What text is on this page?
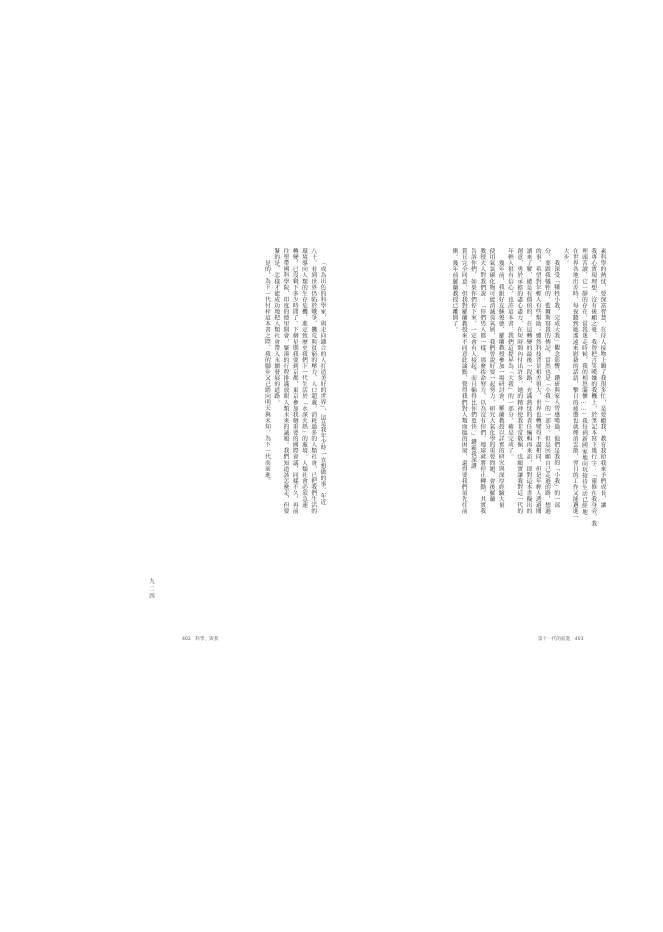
素科學的熱忱，要深富智慧，在待人接物上瞭了我很多忙，是要顧我，教育我給我來予們成長，讓
我專心實現理想，沒有後顧之憂。我曾把言笑嘆嫌的我機上，於筆記本寫下幾行字：「靈修在我身旁，我
理頭苦讀，它一靜的存在，當我迷走時候，我的相思滿懷……」我每到新國家地向玩接待生活已經地
在世界各地出差時，每夜聽到她遙遠來慰藉的話語，擊日的疲憊也就煙消雲散，翌日的工作又能邁進一
大步。
我深受「犧牲小我，完成大我」觀念影響，鑽研與家人曾感嘆過，他們是我的「小我」的一部
分，要跟我犧牲的，藍爾斯寫我的傳記，當然也是「小我」的一部分。但是回顧自己走過的路，想過
的事，希望對年輕人有些幫助；雖然科技背景相差很大，世界也轉變得不盡相同，但是年輕人透過閱
讀來了解，總是有價值的。在這轉變的最後一段路，充滿熱忱的責任編輯再來訪，即對這本書擬出的
創意，勇於承擔的盡心盡力，在短時間內付出許多，她的精神使我非常敬佩，也願實讓我對這一代的
年輕人很有信心，也許這本書，我們這提昇為「大我」的一部分，確是完成了。
幾年前，我跟好友蘇俊德、羅蘭教授參加一場研討會，羅蘭教授以詳實的研究與深厚經驗大量
使用氣氯碳化物可能消滅臭氧層，我們曾說好要一起努力，研究大氣化學的重要問題，會後羅蘭
教授夫人對我們說：「你們男人都一樣，那麼拚命努力，以為沒有你們，地球就將停止轉動，其實我
告訴你們，如果你們停下來，一定會有人接起，而且輸得比你們更快。」鑽霸我深讚
賞且完全同意，但我對羅蘭教授來不同意此論點，覺得我們對人類面臨的困境，還得要我們須先往前
衝。幾年前羅蘭教授已離開了。
第十一代的前進　403
「成為出色的科學家，與走向適合的人打造美好的世界」，這是我年少時一直想做的事。年近
八十，看到世界仍陷於戰爭，饑荒與貧窮的壓力，人口超載，消耗過多的人類社會，已把我們生活的
環境導向人類的生存危機，進定致歷史我們下一代生活於「水深火熱」的處境。人類社會必須急速
轉變，已沒剩下多少時間了。下個星期我要到京都，東京參加我個重要的國際會議，同樣不久，再前
往聖帶國科學院，印度的德里開會，緊湊的行程排滿放眼人類未來的議題。我們知道該怎麼走，但要
緊的是，怎樣才能成功地把人類社會帶入永續發展的道路。
是的，為下一代付梓這本書之際，我的腳步又已踏向明天與未知，為下一代而前進。
402　科學，與我
九二四
